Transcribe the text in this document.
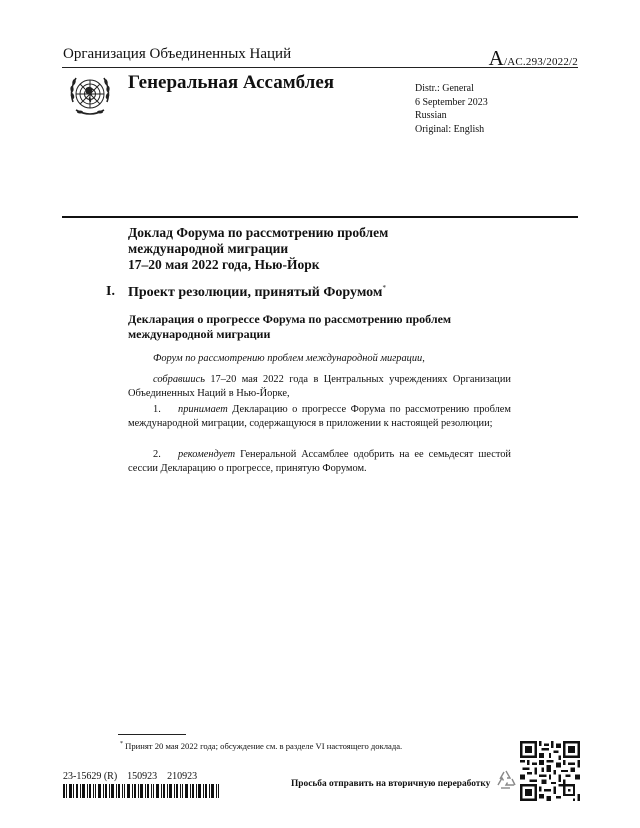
Организация Объединенных Наций	A/AC.293/2022/2
Генеральная Ассамблея	Distr.: General
6 September 2023
Russian
Original: English
Доклад Форума по рассмотрению проблем
международной миграции
17–20 мая 2022 года, Нью-Йорк
I. Проект резолюции, принятый Форумом*
Декларация о прогрессе Форума по рассмотрению проблем
международной миграции
Форум по рассмотрению проблем международной миграции,
собравшись 17–20 мая 2022 года в Центральных учреждениях Организации Объединенных Наций в Нью-Йорке,
1. принимает Декларацию о прогрессе Форума по рассмотрению проблем международной миграции, содержащуюся в приложении к настоящей резолюции;
2. рекомендует Генеральной Ассамблее одобрить на ее семьдесят шестой сессии Декларацию о прогрессе, принятую Форумом.
* Принят 20 мая 2022 года; обсуждение см. в разделе VI настоящего доклада.
23-15629 (R)    150923    210923
Просьба отправить на вторичную переработку
